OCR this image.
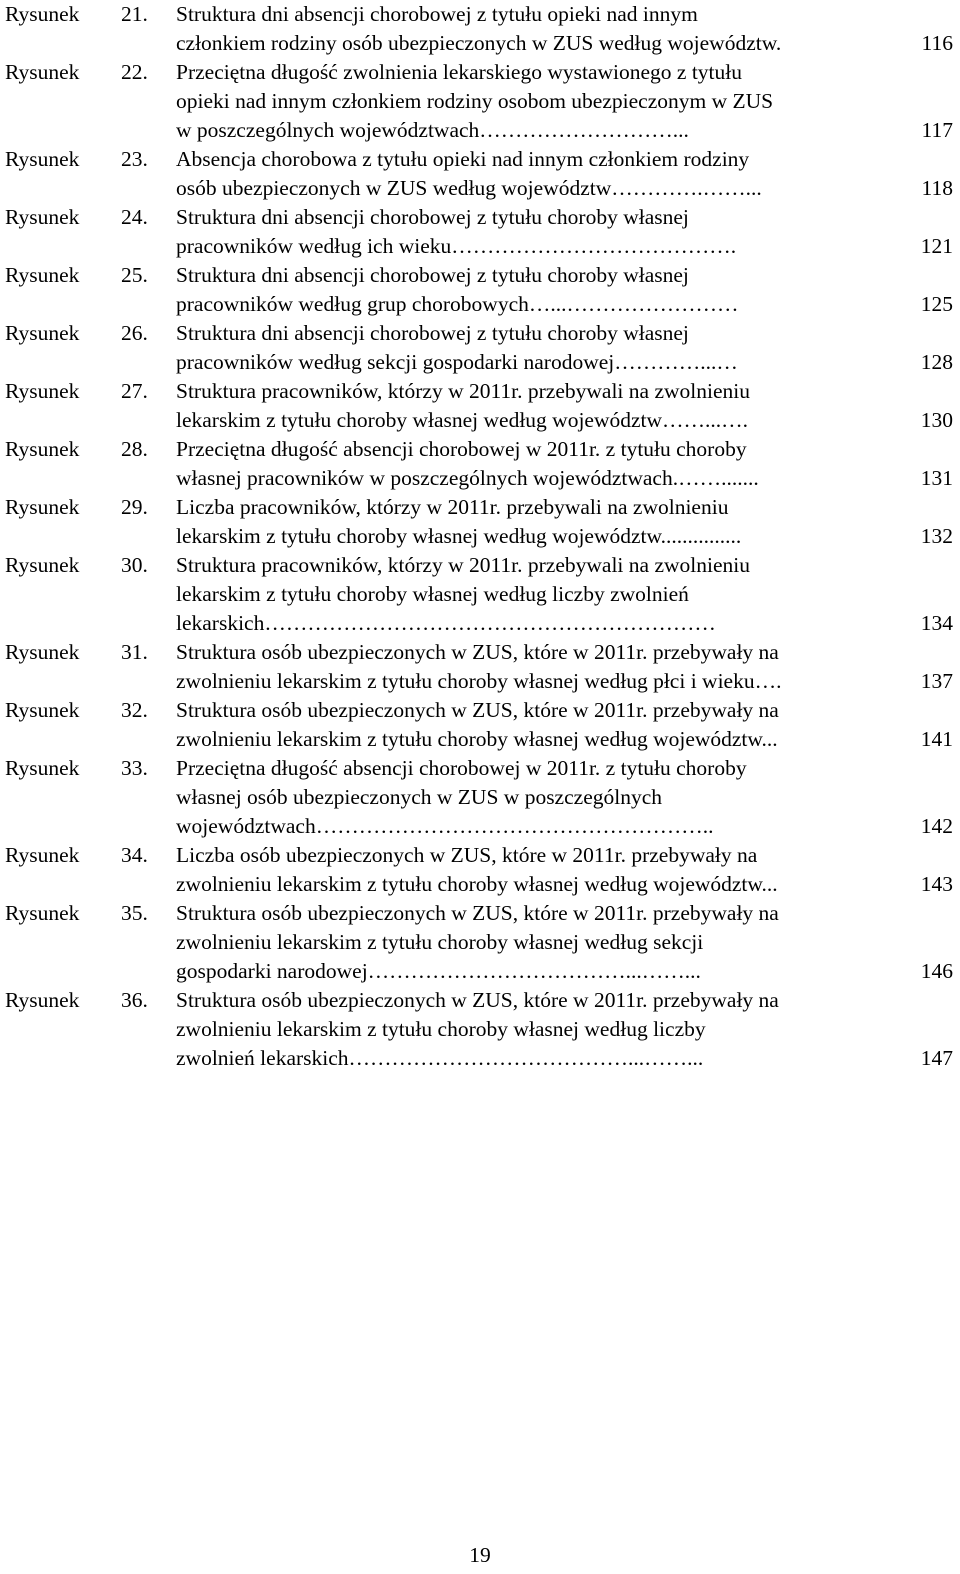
Rysunek 21. Struktura dni absencji chorobowej z tytułu opieki nad innym
członkiem rodziny osób ubezpieczonych w ZUS według województw.	116
Rysunek 22. Przeciętna długość zwolnienia lekarskiego wystawionego z tytułu
opieki nad innym członkiem rodziny osobom ubezpieczonym w ZUS
w poszczególnych województwach………………………...	117
Rysunek 23. Absencja chorobowa z tytułu opieki nad innym członkiem rodziny
osób ubezpieczonych w ZUS według województw………….……...	118
Rysunek 24. Struktura dni absencji chorobowej z tytułu choroby własnej
pracowników według ich wieku………………………………….	121
Rysunek 25. Struktura dni absencji chorobowej z tytułu choroby własnej
pracowników według grup chorobowych…...……………………	125
Rysunek 26. Struktura dni absencji chorobowej z tytułu choroby własnej
pracowników według sekcji gospodarki narodowej…………...…	128
Rysunek 27. Struktura pracowników, którzy w 2011r. przebywali na zwolnieniu
lekarskim z tytułu choroby własnej według województw……...….	130
Rysunek 28. Przeciętna długość absencji chorobowej w 2011r. z tytułu choroby
własnej pracowników w poszczególnych województwach.…….......	131
Rysunek 29. Liczba pracowników, którzy w 2011r. przebywali na zwolnieniu
lekarskim z tytułu choroby własnej według województw...............	132
Rysunek 30. Struktura pracowników, którzy w 2011r. przebywali na zwolnieniu
lekarskim z tytułu choroby własnej według liczby zwolnień
lekarskich………………………………………………………	134
Rysunek 31. Struktura osób ubezpieczonych w ZUS, które w 2011r. przebywały na
zwolnieniu lekarskim z tytułu choroby własnej według płci i wieku….	137
Rysunek 32. Struktura osób ubezpieczonych w ZUS, które w 2011r. przebywały na
zwolnieniu lekarskim z tytułu choroby własnej według województw...	141
Rysunek 33. Przeciętna długość absencji chorobowej w 2011r. z tytułu choroby
własnej osób ubezpieczonych w ZUS w poszczególnych
województwach………………………………………………..	142
Rysunek 34. Liczba osób ubezpieczonych w ZUS, które w 2011r. przebywały na
zwolnieniu lekarskim z tytułu choroby własnej według województw...	143
Rysunek 35. Struktura osób ubezpieczonych w ZUS, które w 2011r. przebywały na
zwolnieniu lekarskim z tytułu choroby własnej według sekcji
gospodarki narodowej………………………………...……...	146
Rysunek 36. Struktura osób ubezpieczonych w ZUS, które w 2011r. przebywały na
zwolnieniu lekarskim z tytułu choroby własnej według liczby
zwolnień lekarskich…………………………………...……...	147
19
